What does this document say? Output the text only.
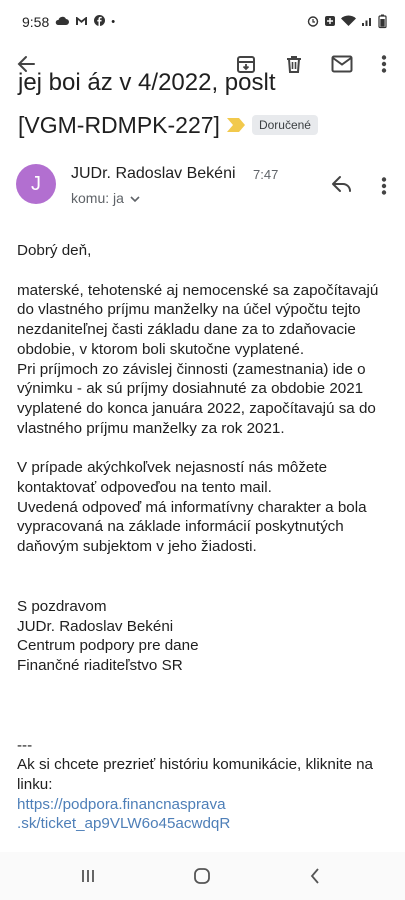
9:58	•
jej boi áz v 4/2022, poslt
[VGM-RDMPK-227]	Doručené
J	JUDr. Radoslav Bekéni 7:47
komu: ja

Dobrý deň,

materské, tehotenské aj nemocenské sa započítavajú do vlastného príjmu manželky na účel výpočtu tejto nezdaniteľnej časti základu dane za to zdaňovacie obdobie, v ktorom boli skutočne vyplatené.

Pri príjmoch zo závislej činnosti (zamestnania) ide o výnimku - ak sú príjmy dosiahnuté za obdobie 2021 vyplatené do konca januára 2022, započítavajú sa do vlastného príjmu manželky za rok 2021.

V prípade akýchkoľvek nejasností nás môžete kontaktovať odpoveďou na tento mail.

Uvedená odpoveď má informatívny charakter a bola vypracovaná na základe informácií poskytnutých daňovým subjektom v jeho žiadosti.

S pozdravom

JUDr. Radoslav Bekéni

Centrum podpory pre dane

Finančné riaditeľstvo SR

---

Ak si chcete prezrieť históriu komunikácie, kliknite na linku:

https://podpora.financnasprava
.sk/ticket_ap9VLW6o45acwdqR
